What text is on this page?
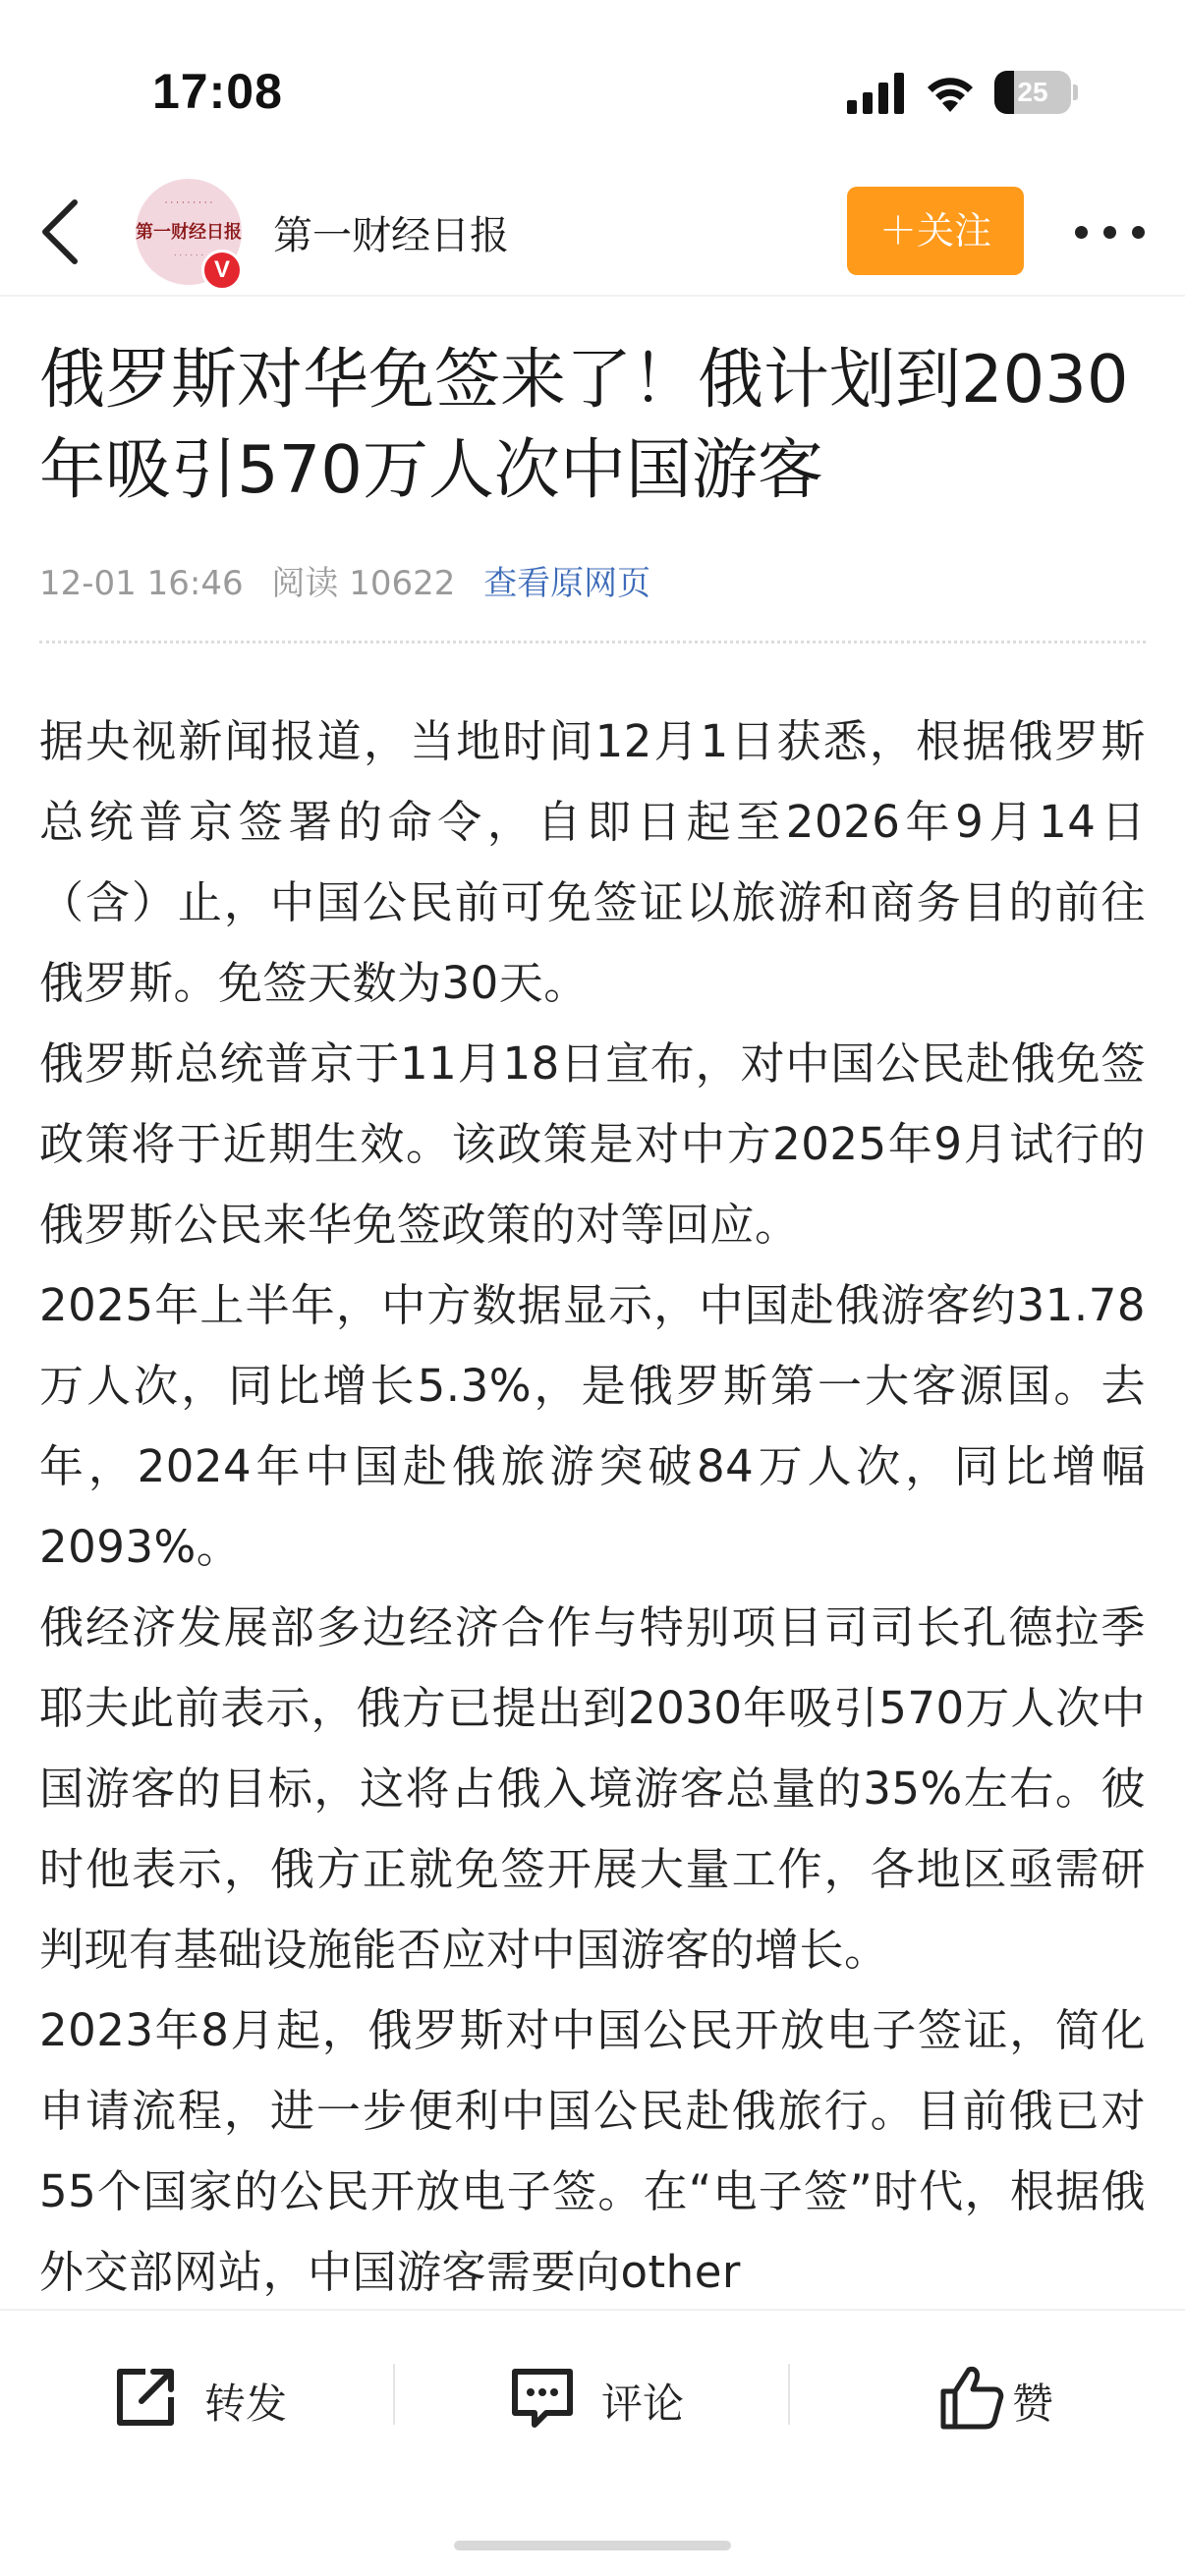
17:08	25
· · · · · · · · ·
第一财经日报
· · · · · ·
V
第一财经日报	＋关注
俄罗斯对华免签来了！俄计划到2030年吸引570万人次中国游客
12-01 16:46 阅读 10622 查看原网页

据央视新闻报道，当地时间12月1日获悉，根据俄罗斯总统普京签署的命令，自即日起至2026年9月14日（含）止，中国公民前可免签证以旅游和商务目的前往俄罗斯。免签天数为30天。

俄罗斯总统普京于11月18日宣布，对中国公民赴俄免签政策将于近期生效。该政策是对中方2025年9月试行的俄罗斯公民来华免签政策的对等回应。

2025年上半年，中方数据显示，中国赴俄游客约31.78万人次，同比增长5.3%，是俄罗斯第一大客源国。去年，2024年中国赴俄旅游突破84万人次，同比增幅2093%。

俄经济发展部多边经济合作与特别项目司司长孔德拉季耶夫此前表示，俄方已提出到2030年吸引570万人次中国游客的目标，这将占俄入境游客总量的35%左右。彼时他表示，俄方正就免签开展大量工作，各地区亟需研判现有基础设施能否应对中国游客的增长。

2023年8月起，俄罗斯对中国公民开放电子签证，简化申请流程，进一步便利中国公民赴俄旅行。目前俄已对55个国家的公民开放电子签。在“电子签”时代，根据俄外交部网站，中国游客需要向other

转发	评论	赞
